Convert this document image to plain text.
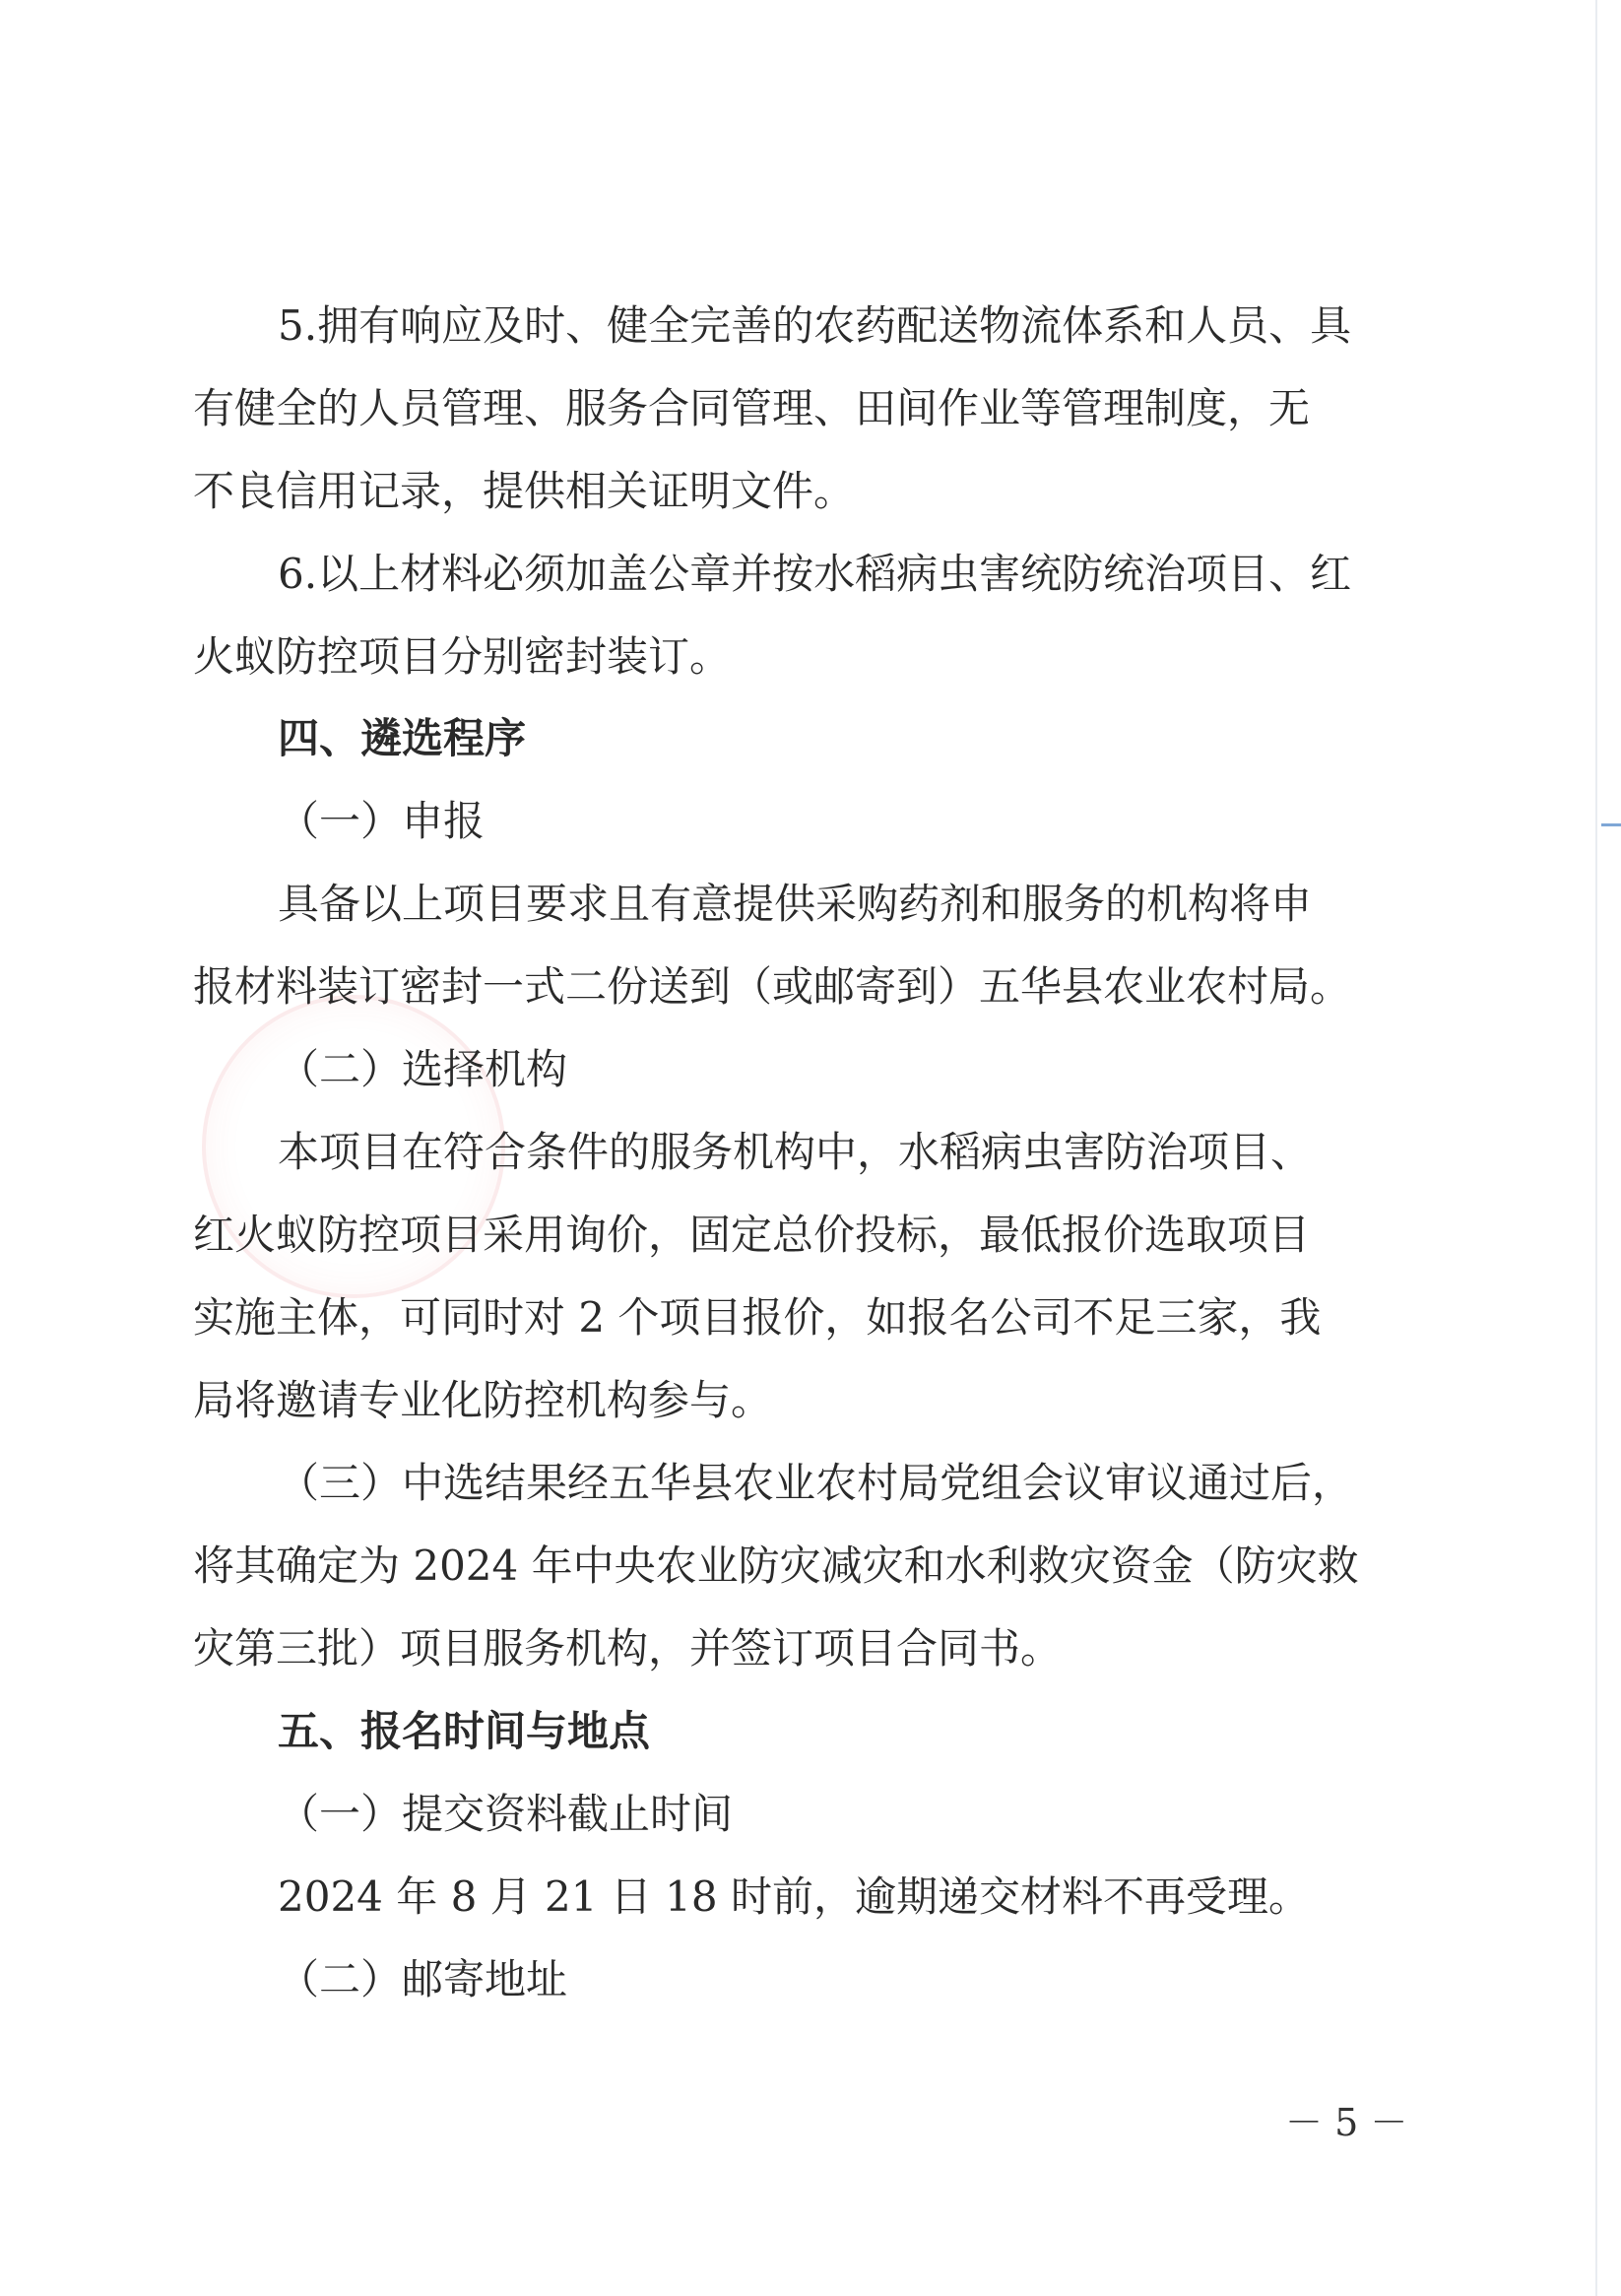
5.拥有响应及时、健全完善的农药配送物流体系和人员、具
有健全的人员管理、服务合同管理、田间作业等管理制度，无
不良信用记录，提供相关证明文件。
6.以上材料必须加盖公章并按水稻病虫害统防统治项目、红
火蚁防控项目分别密封装订。
四、遴选程序
（一）申报
具备以上项目要求且有意提供采购药剂和服务的机构将申
报材料装订密封一式二份送到（或邮寄到）五华县农业农村局。
（二）选择机构
本项目在符合条件的服务机构中，水稻病虫害防治项目、
红火蚁防控项目采用询价，固定总价投标，最低报价选取项目
实施主体，可同时对 2 个项目报价，如报名公司不足三家，我
局将邀请专业化防控机构参与。
（三）中选结果经五华县农业农村局党组会议审议通过后，
将其确定为 2024 年中央农业防灾减灾和水利救灾资金（防灾救
灾第三批）项目服务机构，并签订项目合同书。
五、报名时间与地点
（一）提交资料截止时间
2024 年 8 月 21 日 18 时前，逾期递交材料不再受理。
（二）邮寄地址
－ 5 －
